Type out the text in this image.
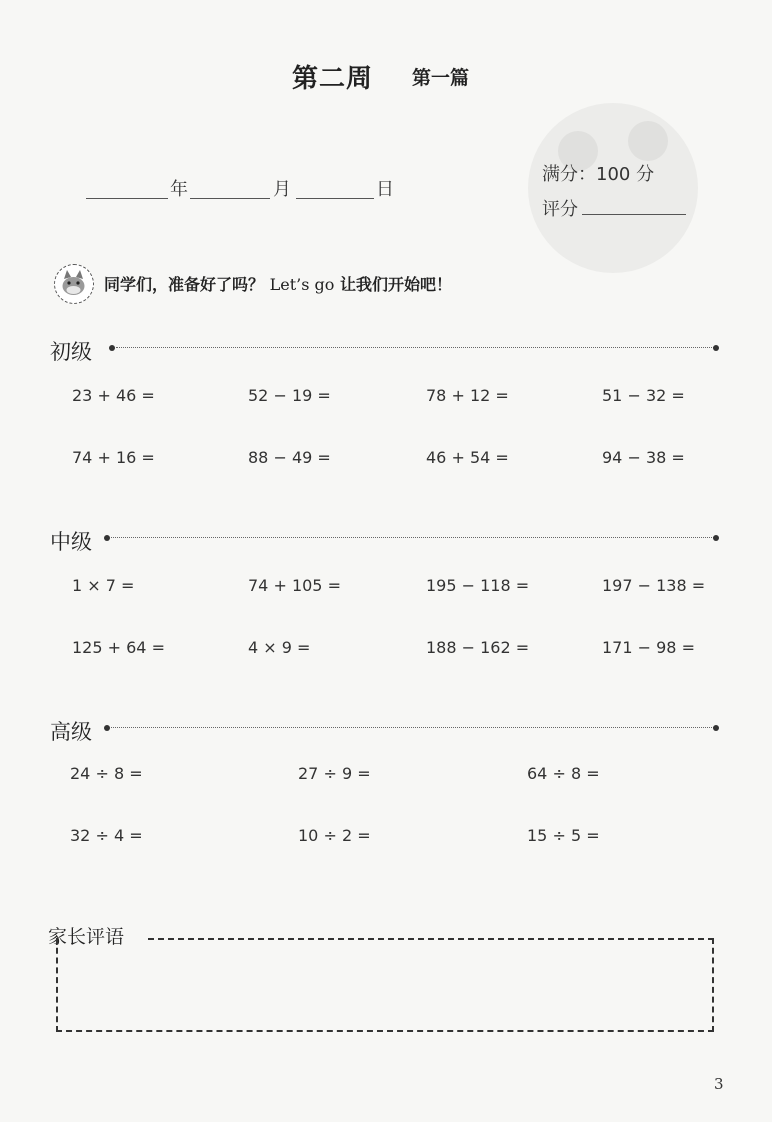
第二周 第一篇
年	月	日
满分：100 分
评分
同学们，准备好了吗？ Let’s go 让我们开始吧！
初级
23 + 46 =	52 − 19 =	78 + 12 =	51 − 32 =
74 + 16 =	88 − 49 =	46 + 54 =	94 − 38 =
中级
1 × 7 =	74 + 105 =	195 − 118 =	197 − 138 =
125 + 64 =	4 × 9 =	188 − 162 =	171 − 98 =
高级
24 ÷ 8 =	27 ÷ 9 =	64 ÷ 8 =
32 ÷ 4 =	10 ÷ 2 =	15 ÷ 5 =
家长评语
3
